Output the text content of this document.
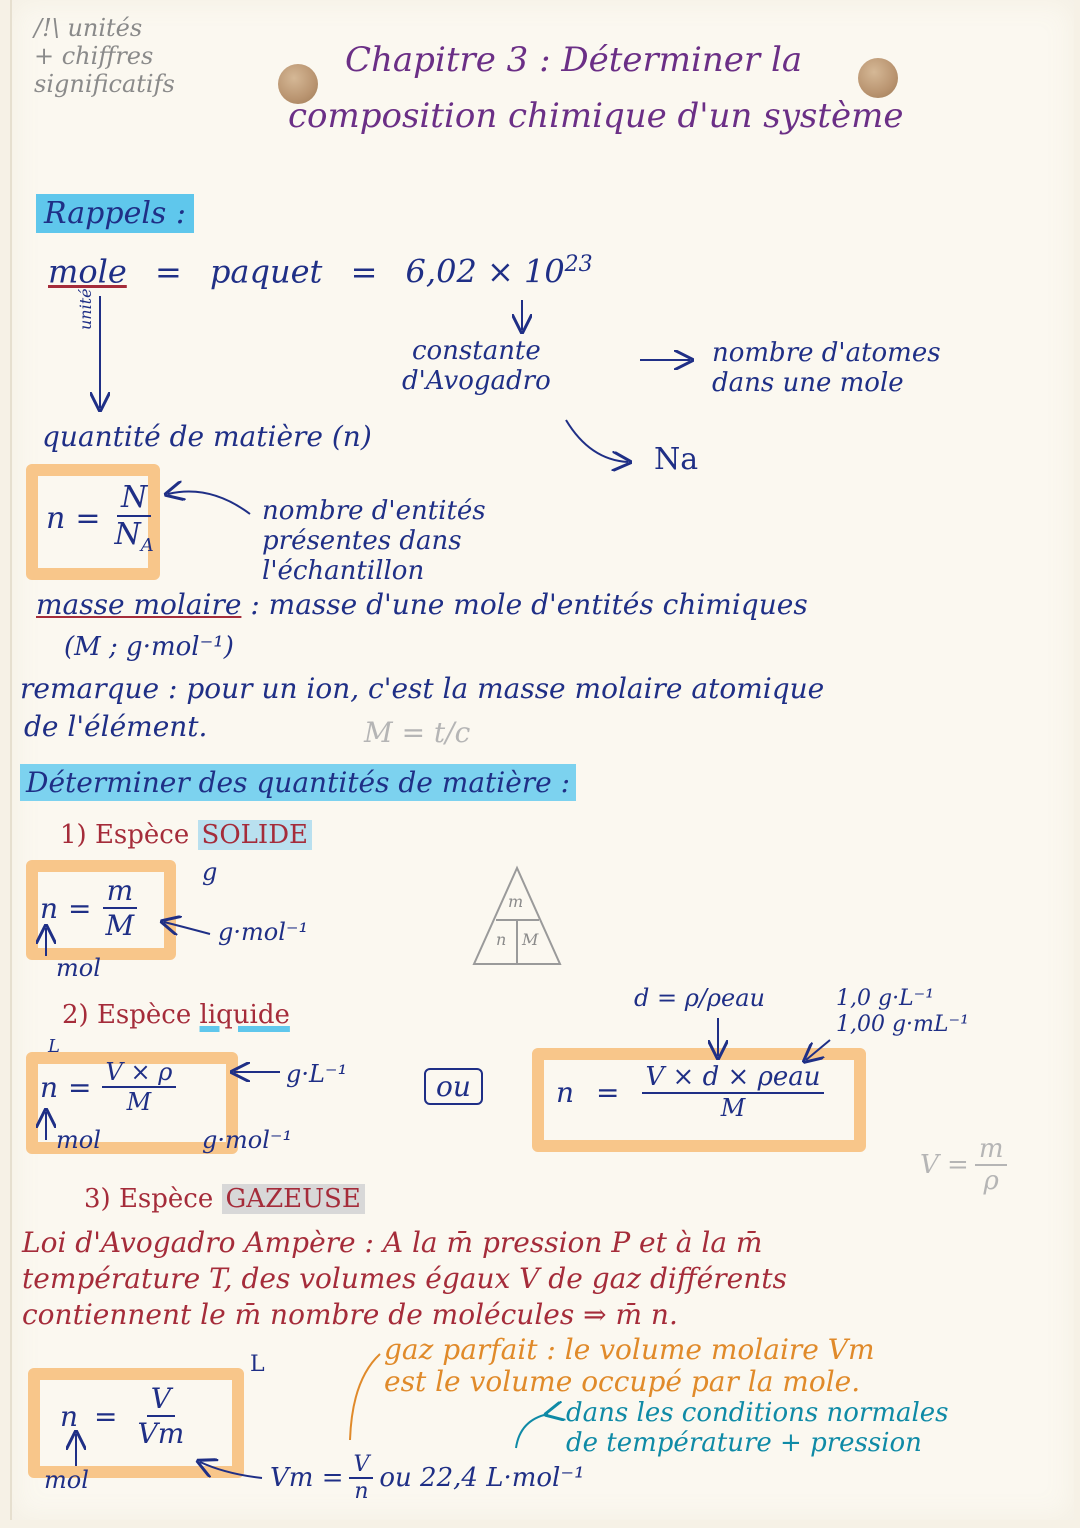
/!\ unités
+ chiffres
significatifs
Chapitre 3 : Déterminer la
composition chimique d'un système
Rappels :
mole = paquet = $6,02 \times 10^{23}$
unité
constante
d'Avogadro
nombre d'atomes
dans une mole
quantité de matière (n)
Na
$n = \frac{N}{N_A}$	nombre d'entités
présentes dans
l'échantillon
masse molaire : masse d'une mole d'entités chimiques
(M ; g·mol⁻¹)
remarque : pour un ion, c'est la masse molaire atomique
de l'élément.	M = t/c
Déterminer des quantités de matière :
1) Espèce SOLIDE
$n = \frac{m}{M}$
g
g·mol⁻¹
mol
m
n M
2) Espèce liquide
$n = \frac{V \times \rho}{M}$
L
g·L⁻¹
g·mol⁻¹
mol
ou
d = ρ/ρeau	1,0 g·L⁻¹
1,00 g·mL⁻¹
$n = \frac{\text{V × d × ρeau}}{M}$
$V = \frac{m}{\rho}$
3) Espèce GAZEUSE
Loi d'Avogadro Ampère : A la m̄ pression P et à la m̄
température T, des volumes égaux V de gaz différents
contiennent le m̄ nombre de molécules ⇒ m̄ n.
gaz parfait : le volume molaire Vm
est le volume occupé par la mole.
dans les conditions normales
de température + pression
$n = \frac{V}{Vm}$
L
mol	$Vm = \frac{V}{n}$ ou 22,4 L·mol⁻¹
